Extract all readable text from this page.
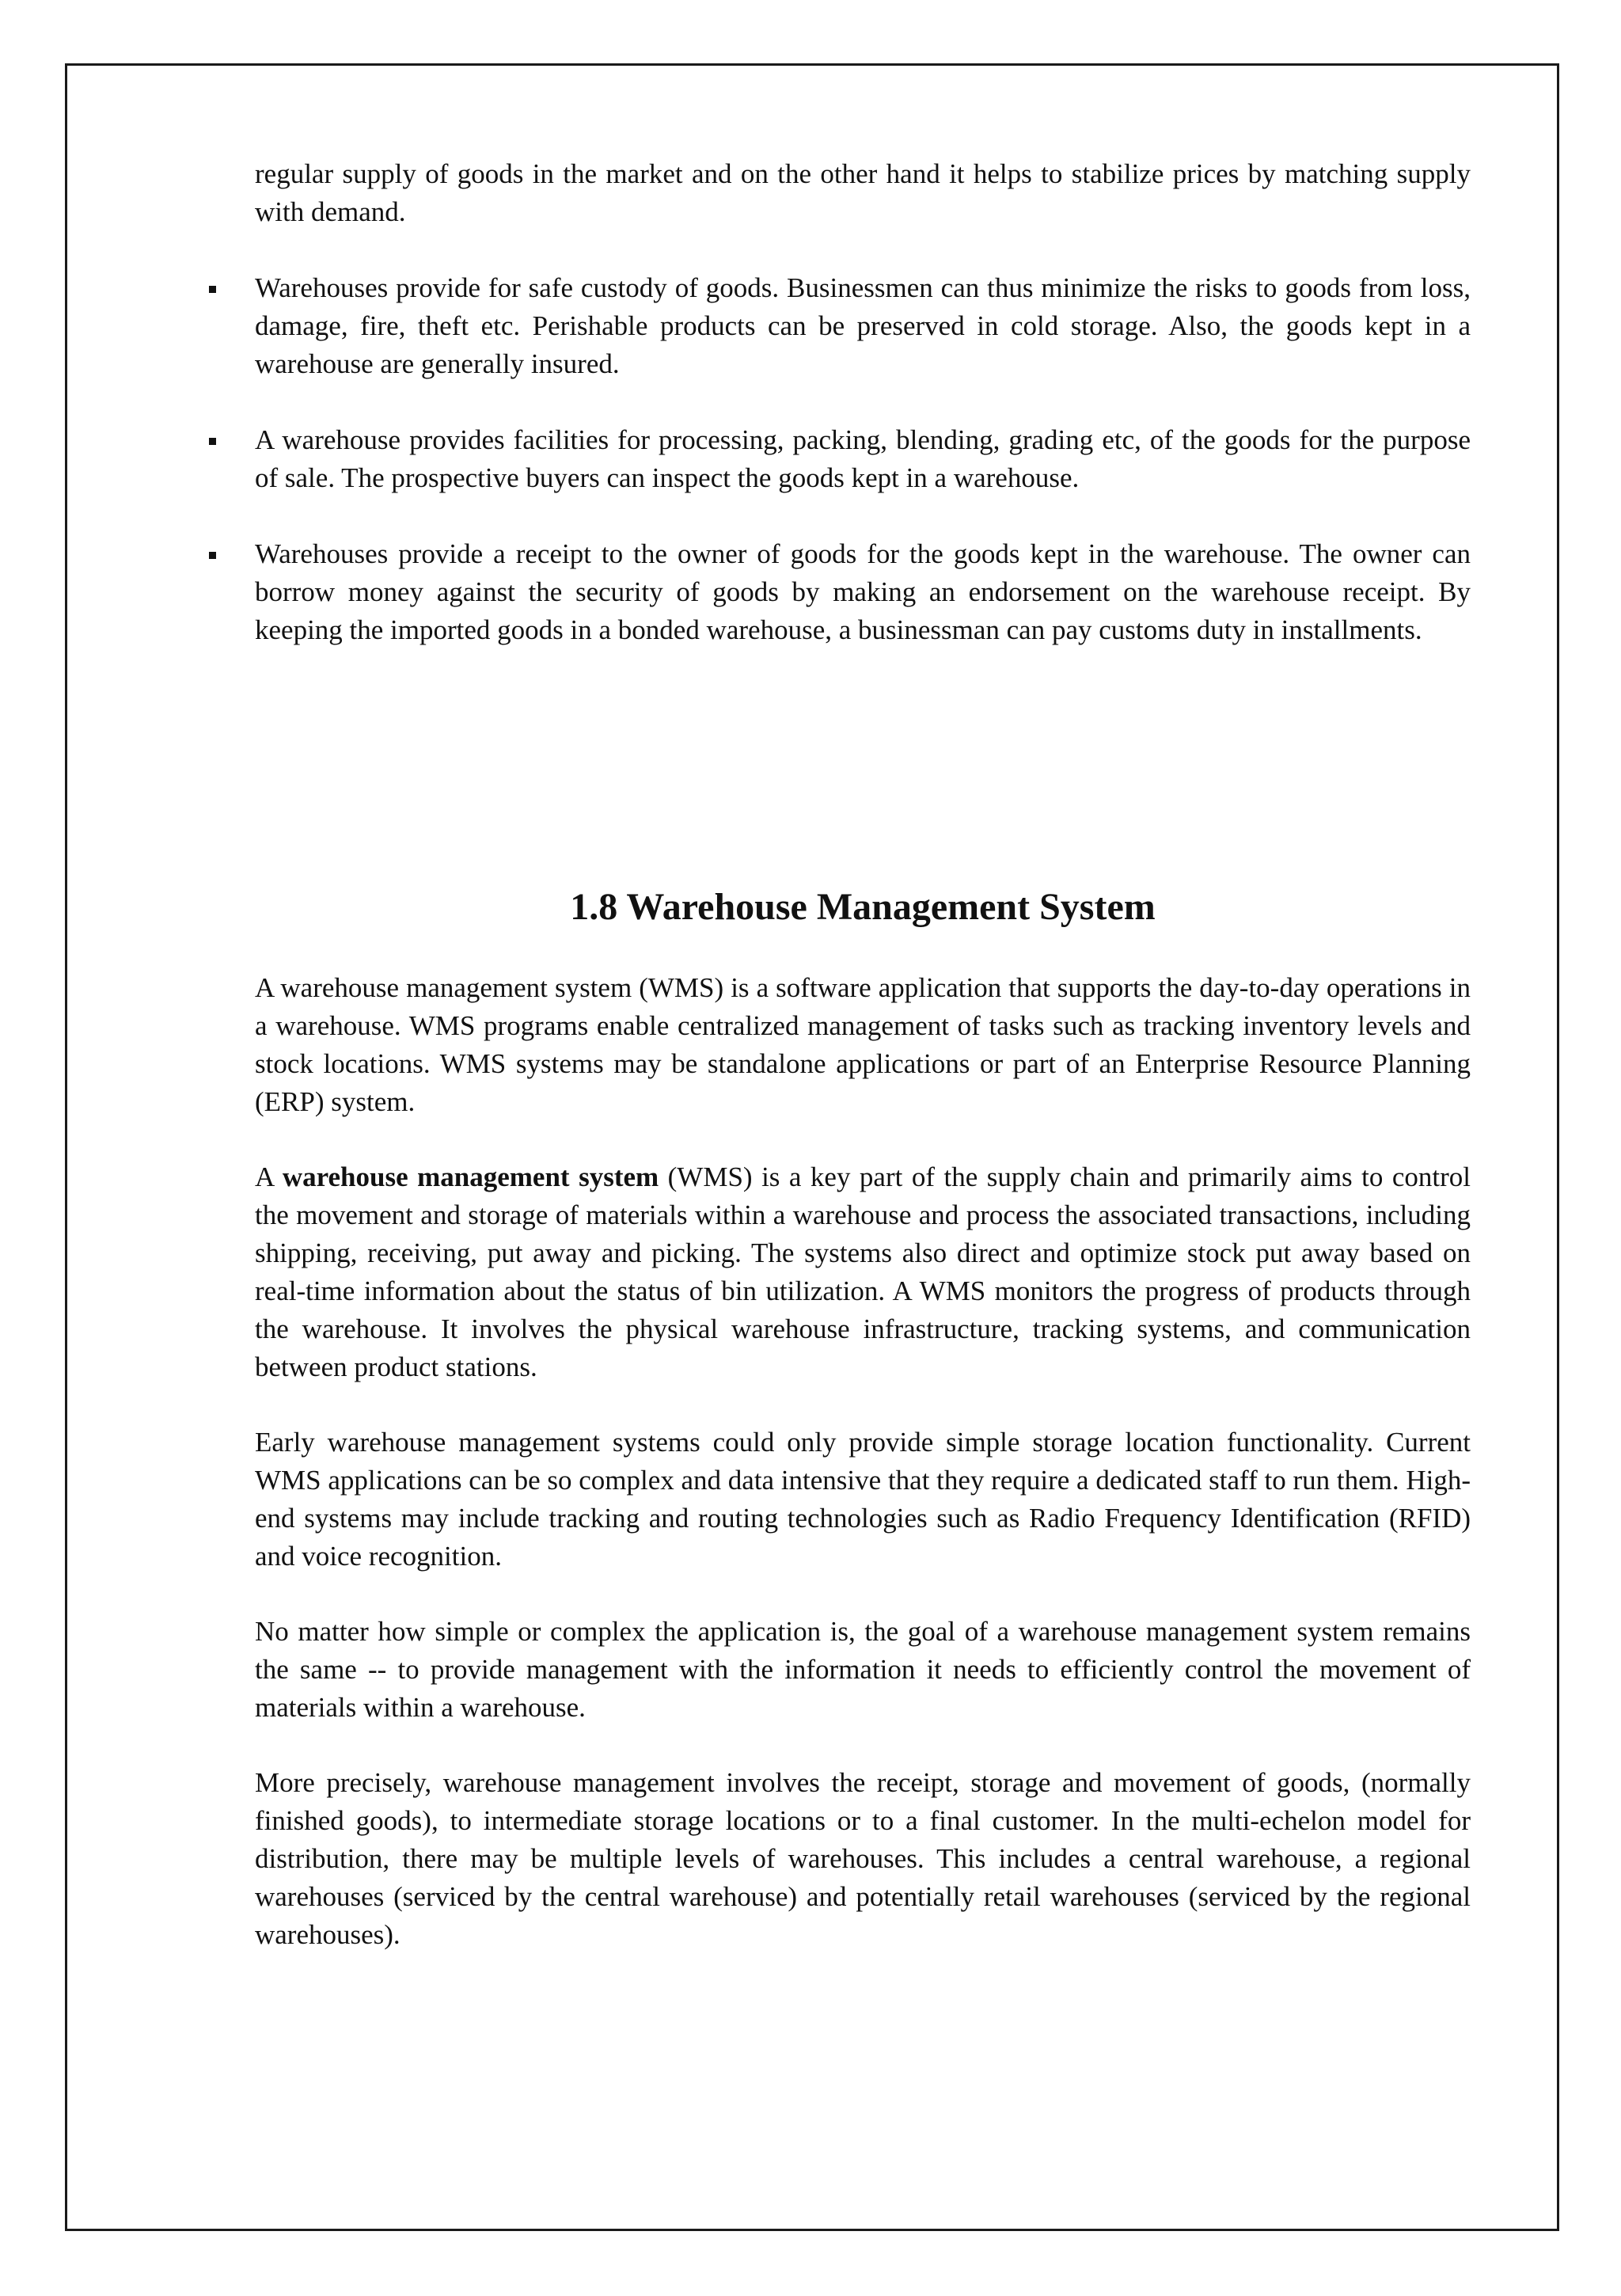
regular supply of goods in the market and on the other hand it helps to stabilize prices by matching supply with demand.

Warehouses provide for safe custody of goods. Businessmen can thus minimize the risks to goods from loss, damage, fire, theft etc. Perishable products can be preserved in cold storage. Also, the goods kept in a warehouse are generally insured.

A warehouse provides facilities for processing, packing, blending, grading etc, of the goods for the purpose of sale. The prospective buyers can inspect the goods kept in a warehouse.

Warehouses provide a receipt to the owner of goods for the goods kept in the warehouse. The owner can borrow money against the security of goods by making an endorsement on the warehouse receipt. By keeping the imported goods in a bonded warehouse, a businessman can pay customs duty in installments.

1.8 Warehouse Management System

A warehouse management system (WMS) is a software application that supports the day-to-day operations in a warehouse. WMS programs enable centralized management of tasks such as tracking inventory levels and stock locations. WMS systems may be standalone applications or part of an Enterprise Resource Planning (ERP) system.

A warehouse management system (WMS) is a key part of the supply chain and primarily aims to control the movement and storage of materials within a warehouse and process the associated transactions, including shipping, receiving, put away and picking. The systems also direct and optimize stock put away based on real-time information about the status of bin utilization. A WMS monitors the progress of products through the warehouse. It involves the physical warehouse infrastructure, tracking systems, and communication between product stations.

Early warehouse management systems could only provide simple storage location functionality. Current WMS applications can be so complex and data intensive that they require a dedicated staff to run them. High-end systems may include tracking and routing technologies such as Radio Frequency Identification (RFID) and voice recognition.

No matter how simple or complex the application is, the goal of a warehouse management system remains the same -- to provide management with the information it needs to efficiently control the movement of materials within a warehouse.

More precisely, warehouse management involves the receipt, storage and movement of goods, (normally finished goods), to intermediate storage locations or to a final customer. In the multi-echelon model for distribution, there may be multiple levels of warehouses. This includes a central warehouse, a regional warehouses (serviced by the central warehouse) and potentially retail warehouses (serviced by the regional warehouses).
